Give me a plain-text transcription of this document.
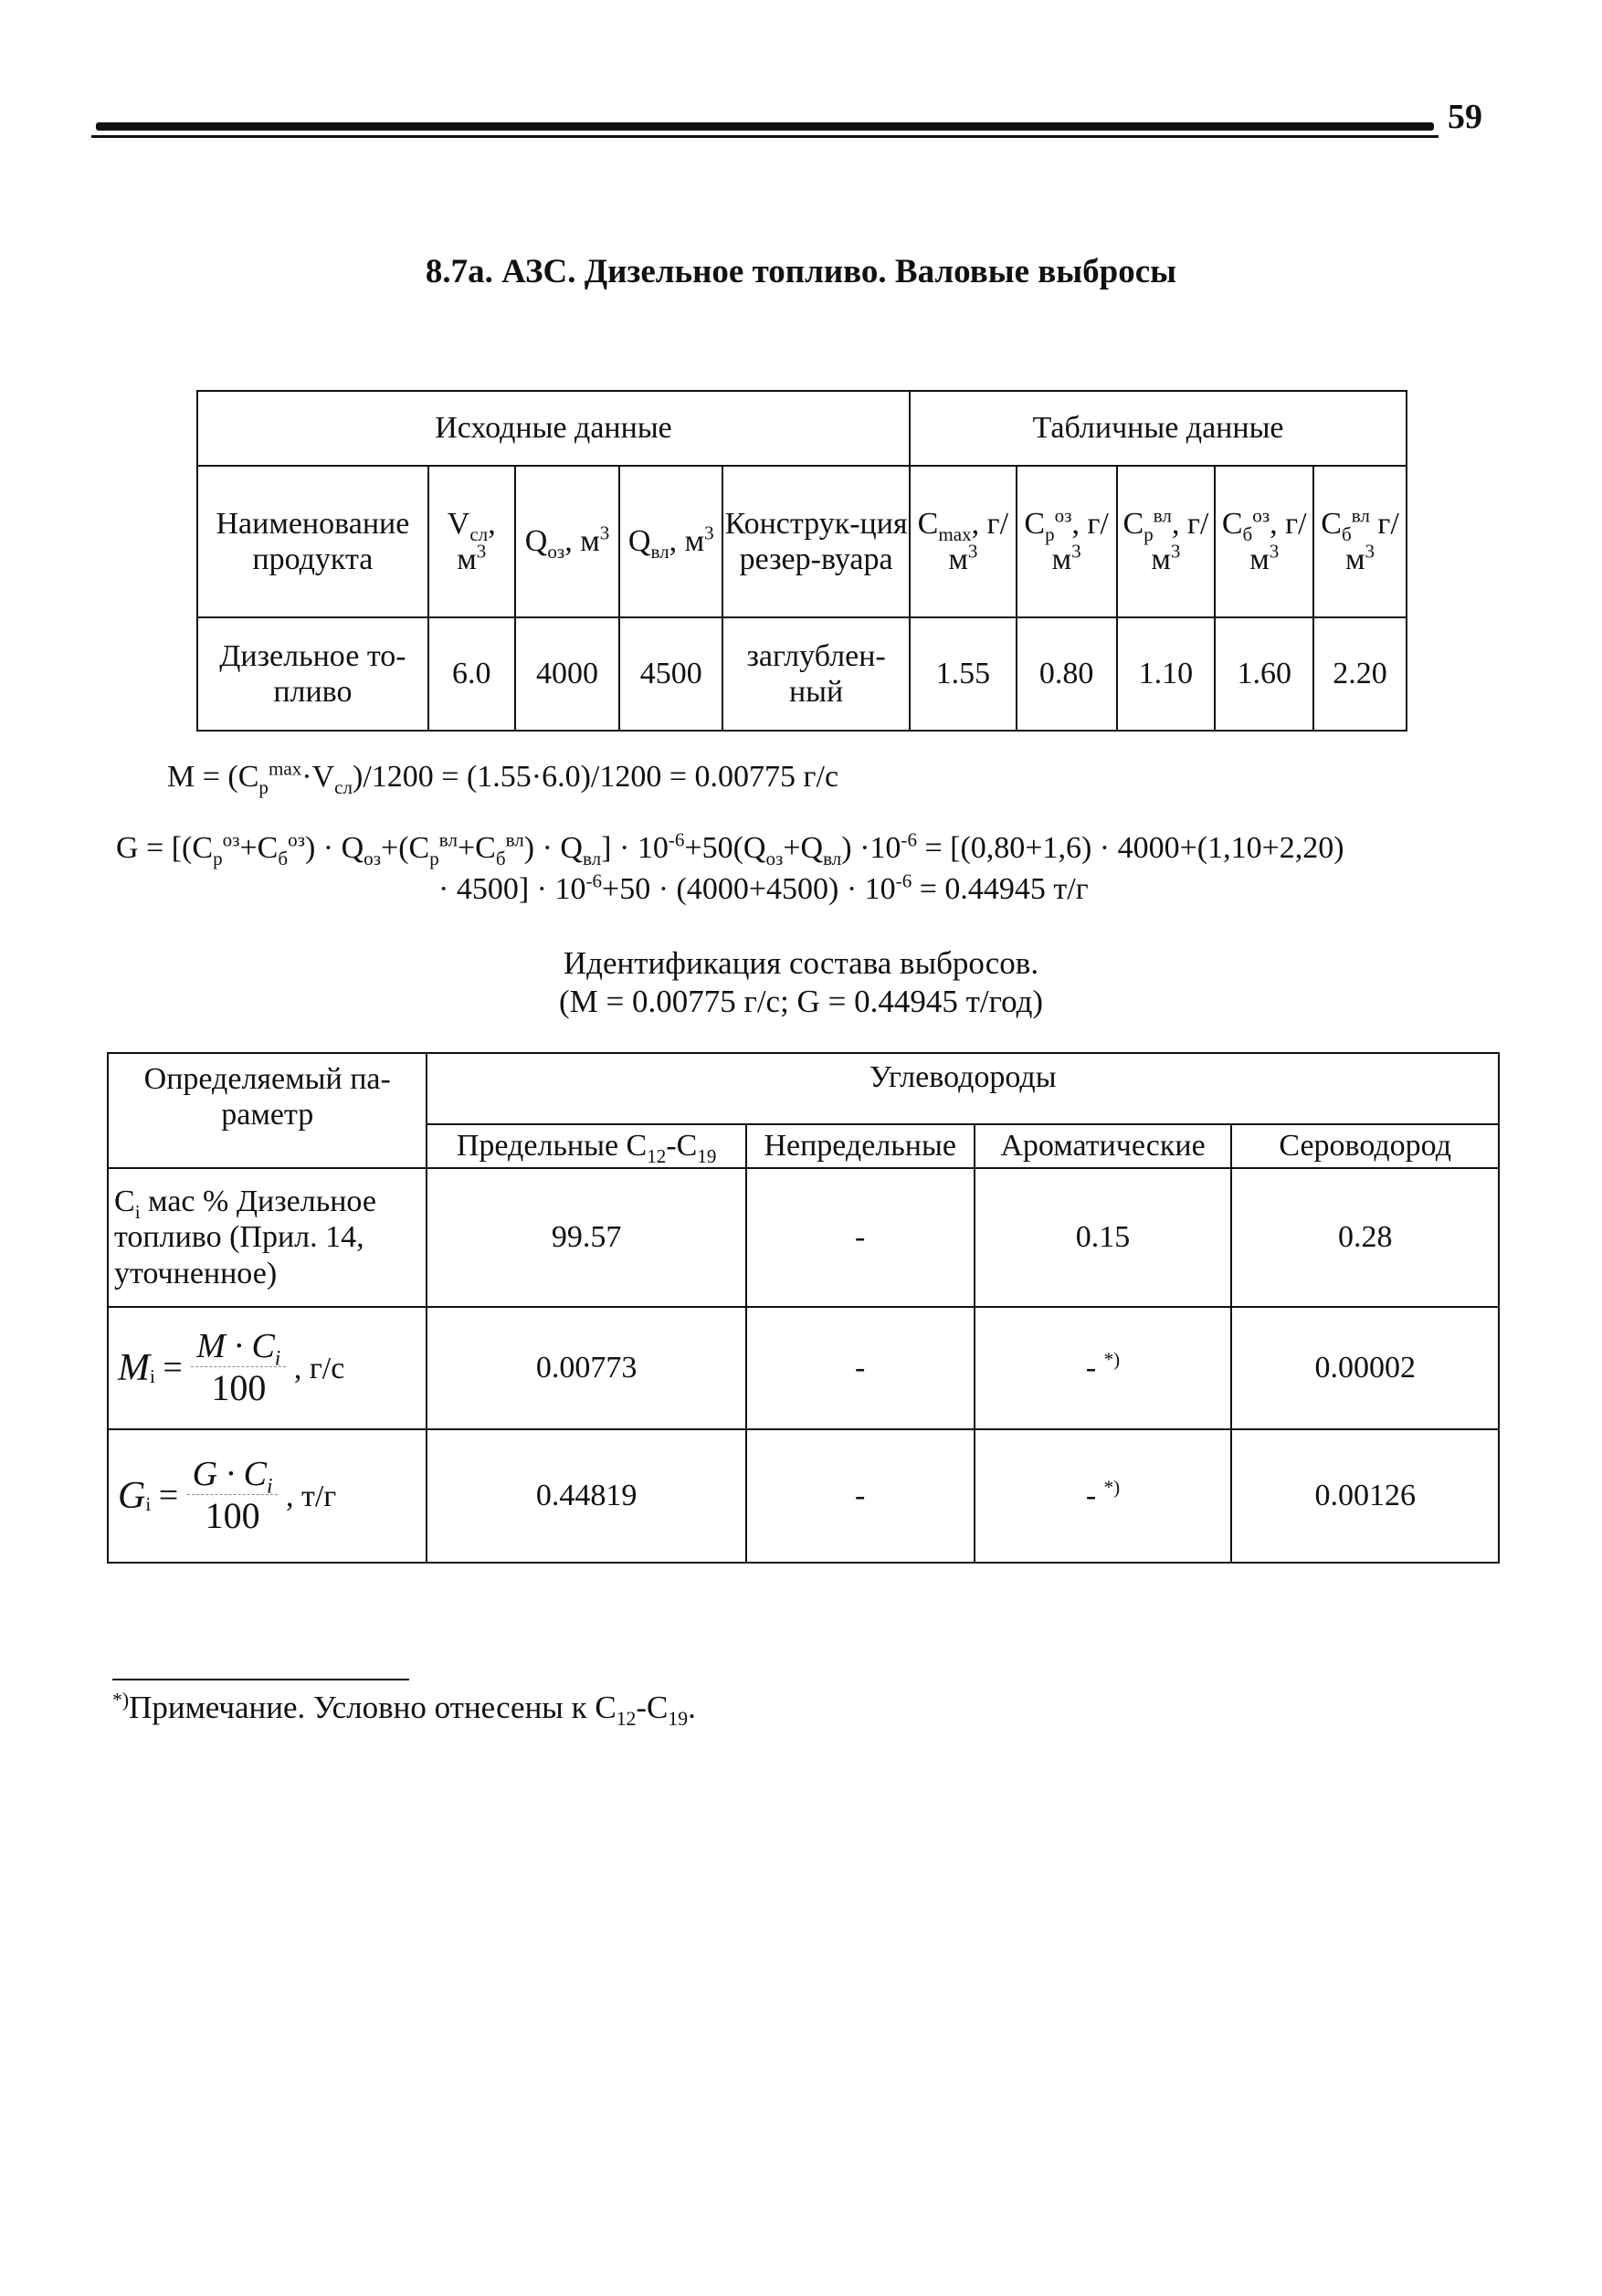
59
8.7а. АЗС. Дизельное топливо. Валовые выбросы
Исходные данные					Табличные данные				
Наименование продукта	$V_{сл}$, $м^3$	$Q_{оз}$, $м^3$	$Q_{вл}$, $м^3$	Конструк-ция резер-вуара	$C_{max}$, $г/м^3$	$C_р^{оз}$, $г/м^3$	$C_р^{вл}$, $г/м^3$	$C_б^{оз}$, $г/м^3$	$C_б^{вл}$ $г/м^3$
Дизельное то-пливо	6.0	4000	4500	заглублен-ный	1.55	0.80	1.10	1.60	2.20
$M = (C_р^{max}\cdot V_{сл})/1200 = (1.55\cdot 6.0)/1200 = 0.00775$ г/с
$G = [(C_р^{оз}+C_б^{оз}) \cdot Q_{оз}+(C_р^{вл}+C_б^{вл}) \cdot Q_{вл}] \cdot 10^{-6}+50(Q_{оз}+Q_{вл}) \cdot 10^{-6} = [(0,80+1,6) \cdot 4000+(1,10+2,20)$
· $4500] \cdot 10^{-6}+50 \cdot (4000+4500) \cdot 10^{-6} = 0.44945$ т/г
Идентификация состава выбросов.
(M = 0.00775 г/с; G = 0.44945 т/год)
Определяемый па-раметр	Углеводороды			
	Предельные $C_{12}-C_{19}$	Непредельные	Ароматические	Сероводород
$C_i$ мас % Дизельное топливо (Прил. 14, уточненное)	99.57	-	0.15	0.28
$M_i = \frac{M \cdot C_i}{100}$ , г/с	0.00773	-	- *)	0.00002
$G_i = \frac{G \cdot C_i}{100}$ , т/г	0.44819	-	- *)	0.00126
*)Примечание. Условно отнесены к $C_{12}-C_{19}$.
